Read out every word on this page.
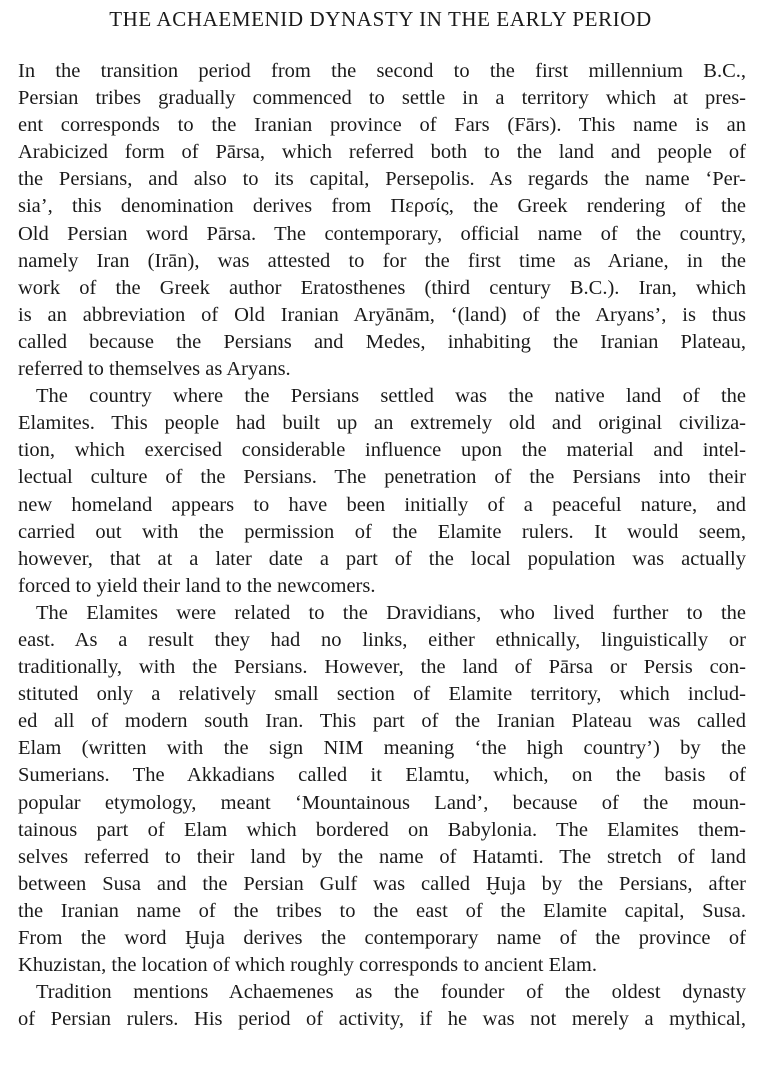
THE ACHAEMENID DYNASTY IN THE EARLY PERIOD
In the transition period from the second to the first millennium B.C.,
Persian tribes gradually commenced to settle in a territory which at pres-
ent corresponds to the Iranian province of Fars (Fārs). This name is an
Arabicized form of Pārsa, which referred both to the land and people of
the Persians, and also to its capital, Persepolis. As regards the name ‘Per-
sia’, this denomination derives from Περσίς, the Greek rendering of the
Old Persian word Pārsa. The contemporary, official name of the country,
namely Iran (Irān), was attested to for the first time as Ariane, in the
work of the Greek author Eratosthenes (third century B.C.). Iran, which
is an abbreviation of Old Iranian Aryānām, ‘(land) of the Aryans’, is thus
called because the Persians and Medes, inhabiting the Iranian Plateau,
referred to themselves as Aryans.
The country where the Persians settled was the native land of the
Elamites. This people had built up an extremely old and original civiliza-
tion, which exercised considerable influence upon the material and intel-
lectual culture of the Persians. The penetration of the Persians into their
new homeland appears to have been initially of a peaceful nature, and
carried out with the permission of the Elamite rulers. It would seem,
however, that at a later date a part of the local population was actually
forced to yield their land to the newcomers.
The Elamites were related to the Dravidians, who lived further to the
east. As a result they had no links, either ethnically, linguistically or
traditionally, with the Persians. However, the land of Pārsa or Persis con-
stituted only a relatively small section of Elamite territory, which includ-
ed all of modern south Iran. This part of the Iranian Plateau was called
Elam (written with the sign NIM meaning ‘the high country’) by the
Sumerians. The Akkadians called it Elamtu, which, on the basis of
popular etymology, meant ‘Mountainous Land’, because of the moun-
tainous part of Elam which bordered on Babylonia. The Elamites them-
selves referred to their land by the name of Hatamti. The stretch of land
between Susa and the Persian Gulf was called Ḫuja by the Persians, after
the Iranian name of the tribes to the east of the Elamite capital, Susa.
From the word Ḫuja derives the contemporary name of the province of
Khuzistan, the location of which roughly corresponds to ancient Elam.
Tradition mentions Achaemenes as the founder of the oldest dynasty
of Persian rulers. His period of activity, if he was not merely a mythical,
